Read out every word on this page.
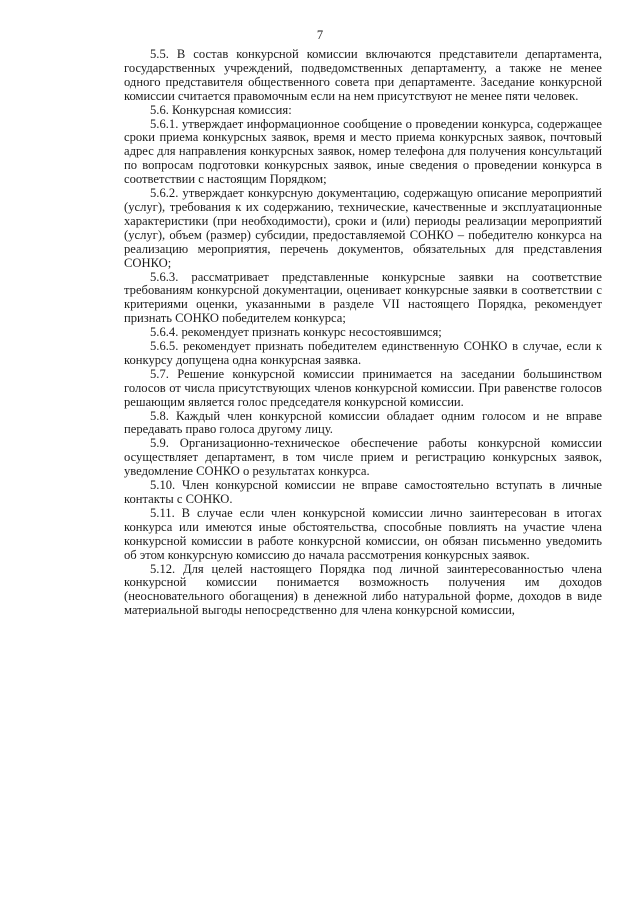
7

5.5. В состав конкурсной комиссии включаются представители департамента, государственных учреждений, подведомственных департаменту, а также не менее одного представителя общественного совета при департаменте. Заседание конкурсной комиссии считается правомочным если на нем присутствуют не менее пяти человек.

5.6. Конкурсная комиссия:

5.6.1. утверждает информационное сообщение о проведении конкурса, содержащее сроки приема конкурсных заявок, время и место приема конкурсных заявок, почтовый адрес для направления конкурсных заявок, номер телефона для получения консультаций по вопросам подготовки конкурсных заявок, иные сведения о проведении конкурса в соответствии с настоящим Порядком;

5.6.2. утверждает конкурсную документацию, содержащую описание мероприятий (услуг), требования к их содержанию, технические, качественные и эксплуатационные характеристики (при необходимости), сроки и (или) периоды реализации мероприятий (услуг), объем (размер) субсидии, предоставляемой СОНКО – победителю конкурса на реализацию мероприятия, перечень документов, обязательных для представления СОНКО;

5.6.3. рассматривает представленные конкурсные заявки на соответствие требованиям конкурсной документации, оценивает конкурсные заявки в соответствии с критериями оценки, указанными в разделе VII настоящего Порядка, рекомендует признать СОНКО победителем конкурса;

5.6.4. рекомендует признать конкурс несостоявшимся;

5.6.5. рекомендует признать победителем единственную СОНКО в случае, если к конкурсу допущена одна конкурсная заявка.

5.7. Решение конкурсной комиссии принимается на заседании большинством голосов от числа присутствующих членов конкурсной комиссии. При равенстве голосов решающим является голос председателя конкурсной комиссии.

5.8. Каждый член конкурсной комиссии обладает одним голосом и не вправе передавать право голоса другому лицу.

5.9. Организационно-техническое обеспечение работы конкурсной комиссии осуществляет департамент, в том числе прием и регистрацию конкурсных заявок, уведомление СОНКО о результатах конкурса.

5.10. Член конкурсной комиссии не вправе самостоятельно вступать в личные контакты с СОНКО.

5.11. В случае если член конкурсной комиссии лично заинтересован в итогах конкурса или имеются иные обстоятельства, способные повлиять на участие члена конкурсной комиссии в работе конкурсной комиссии, он обязан письменно уведомить об этом конкурсную комиссию до начала рассмотрения конкурсных заявок.

5.12. Для целей настоящего Порядка под личной заинтересованностью члена конкурсной комиссии понимается возможность получения им доходов (неосновательного обогащения) в денежной либо натуральной форме, доходов в виде материальной выгоды непосредственно для члена конкурсной комиссии,
